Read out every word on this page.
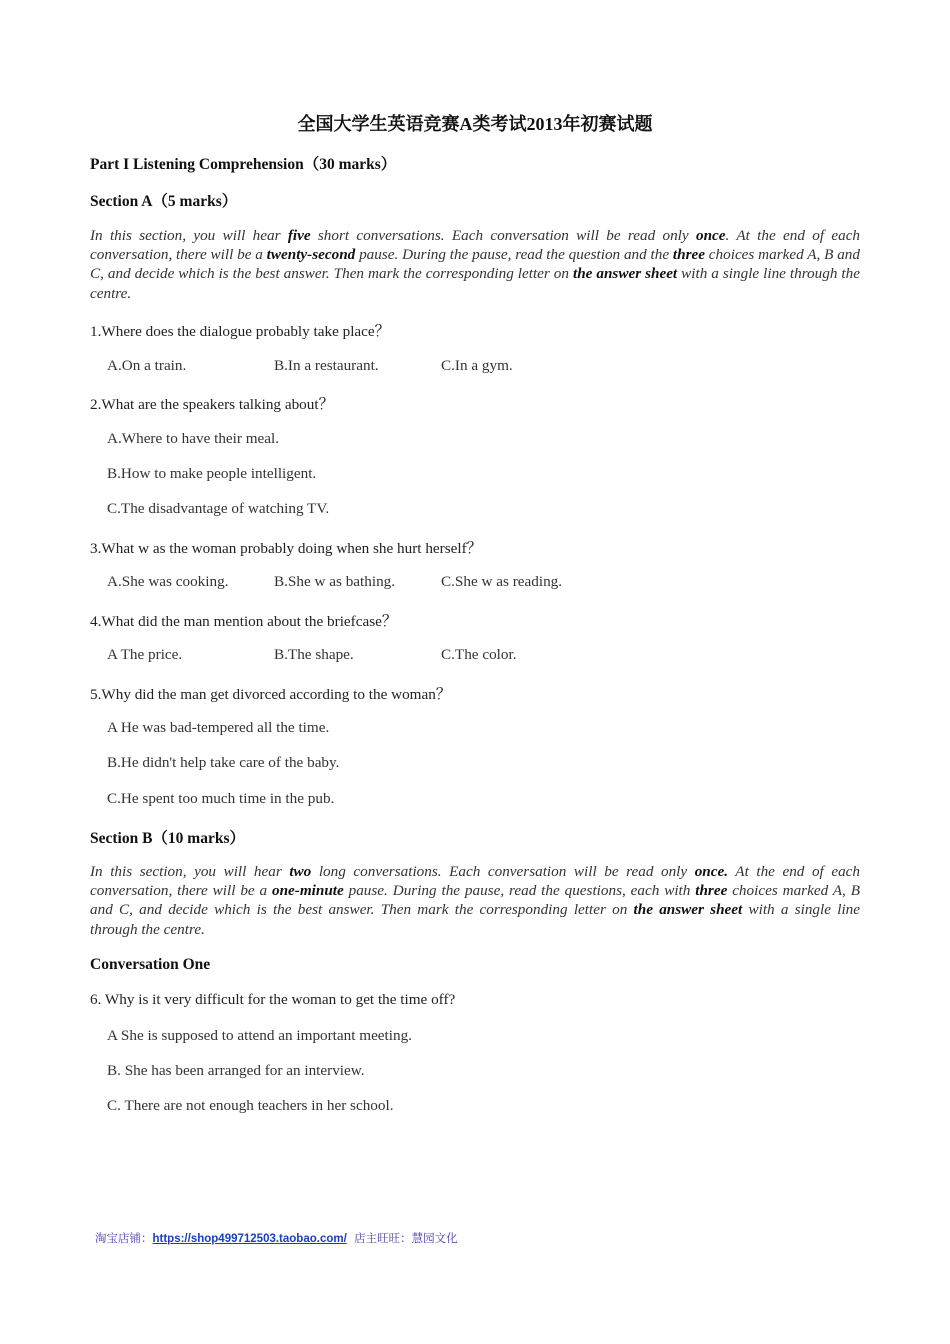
全国大学生英语竞赛A类考试2013年初赛试题
Part I Listening Comprehension（30 marks）
Section A（5 marks）
In this section, you will hear five short conversations. Each conversation will be read only once. At the end of each conversation, there will be a twenty-second pause. During the pause, read the question and the three choices marked A, B and C, and decide which is the best answer. Then mark the corresponding letter on the answer sheet with a single line through the centre.
1.Where does the dialogue probably take place？
A.On a train.	B.In a restaurant.	C.In a gym.
2.What are the speakers talking about？
A.Where to have their meal.
B.How to make people intelligent.
C.The disadvantage of watching TV.
3.What w as the woman probably doing when she hurt herself？
A.She was cooking.	B.She w as bathing.	C.She w as reading.
4.What did the man mention about the briefcase？
A The price.	B.The shape.	C.The color.
5.Why did the man get divorced according to the woman？
A He was bad-tempered all the time.
B.He didn't help take care of the baby.
C.He spent too much time in the pub.
Section B（10 marks）
In this section, you will hear two long conversations. Each conversation will be read only once. At the end of each conversation, there will be a one-minute pause. During the pause, read the questions, each with three choices marked A, B and C, and decide which is the best answer. Then mark the corresponding letter on the answer sheet with a single line through the centre.
Conversation One
6. Why is it very difficult for the woman to get the time off?
A She is supposed to attend an important meeting.
B. She has been arranged for an interview.
C. There are not enough teachers in her school.
淘宝店铺：https://shop499712503.taobao.com/ 店主旺旺：慧园文化
